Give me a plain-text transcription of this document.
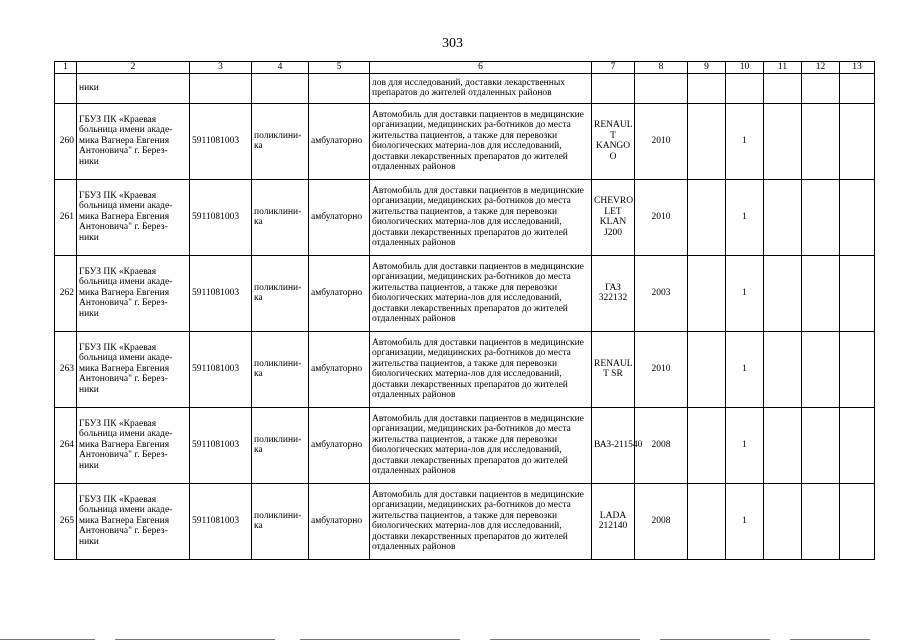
303
1	2	3	4	5	6	7	8	9	10	11	12	13
	ники				лов для исследований, доставки лекарственных препаратов до жителей отдаленных районов							
260	ГБУЗ ПК «Краевая больница имени акаде-мика Вагнера Евгения Антоновича" г. Берез-ники	5911081003	поликлини-ка	амбулаторно	Автомобиль для доставки пациентов в медицинские организации, медицинских ра-ботников до места жительства пациентов, а также для перевозки биологических материа-лов для исследований, доставки лекарственных препаратов до жителей отдаленных районов	RENAUL T KANGO O	2010		1			
261	ГБУЗ ПК «Краевая больница имени акаде-мика Вагнера Евгения Антоновича" г. Берез-ники	5911081003	поликлини-ка	амбулаторно	Автомобиль для доставки пациентов в медицинские организации, медицинских ра-ботников до места жительства пациентов, а также для перевозки биологических материа-лов для исследований, доставки лекарственных препаратов до жителей отдаленных районов	CHEVRO LET KLAN J200	2010		1			
262	ГБУЗ ПК «Краевая больница имени акаде-мика Вагнера Евгения Антоновича" г. Берез-ники	5911081003	поликлини-ка	амбулаторно	Автомобиль для доставки пациентов в медицинские организации, медицинских ра-ботников до места жительства пациентов, а также для перевозки биологических материа-лов для исследований, доставки лекарственных препаратов до жителей отдаленных районов	ГАЗ 322132	2003		1			
263	ГБУЗ ПК «Краевая больница имени акаде-мика Вагнера Евгения Антоновича" г. Берез-ники	5911081003	поликлини-ка	амбулаторно	Автомобиль для доставки пациентов в медицинские организации, медицинских ра-ботников до места жительства пациентов, а также для перевозки биологических материа-лов для исследований, доставки лекарственных препаратов до жителей отдаленных районов	RENAUL T SR	2010		1			
264	ГБУЗ ПК «Краевая больница имени акаде-мика Вагнера Евгения Антоновича" г. Берез-ники	5911081003	поликлини-ка	амбулаторно	Автомобиль для доставки пациентов в медицинские организации, медицинских ра-ботников до места жительства пациентов, а также для перевозки биологических материа-лов для исследований, доставки лекарственных препаратов до жителей отдаленных районов	ВАЗ-211540	2008		1			
265	ГБУЗ ПК «Краевая больница имени акаде-мика Вагнера Евгения Антоновича" г. Берез-ники	5911081003	поликлини-ка	амбулаторно	Автомобиль для доставки пациентов в медицинские организации, медицинских ра-ботников до места жительства пациентов, а также для перевозки биологических материа-лов для исследований, доставки лекарственных препаратов до жителей отдаленных районов	LADA 212140	2008		1			
